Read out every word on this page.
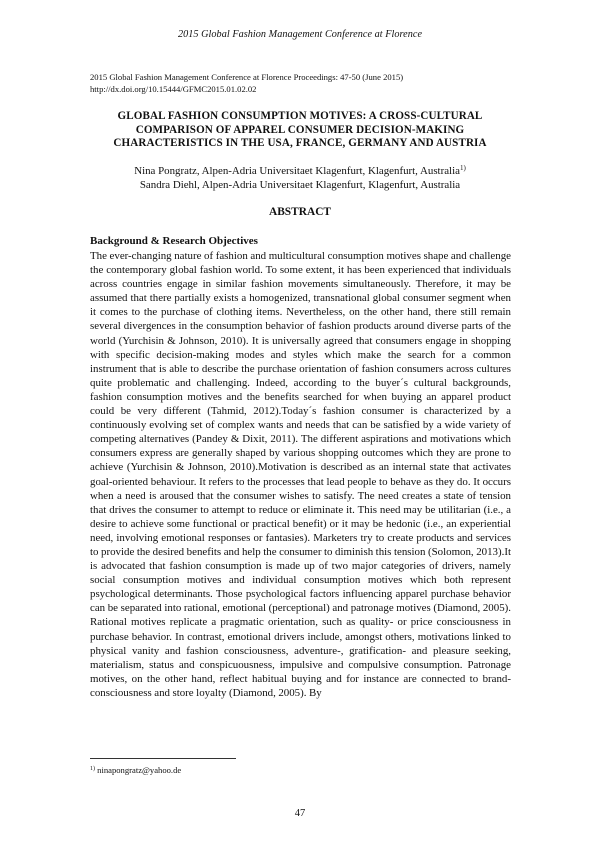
2015 Global Fashion Management Conference at Florence
2015 Global Fashion Management Conference at Florence Proceedings: 47-50 (June 2015)
http://dx.doi.org/10.15444/GFMC2015.01.02.02
GLOBAL FASHION CONSUMPTION MOTIVES: A CROSS-CULTURAL
COMPARISON OF APPAREL CONSUMER DECISION-MAKING
CHARACTERISTICS IN THE USA, FRANCE, GERMANY AND AUSTRIA
Nina Pongratz, Alpen-Adria Universitaet Klagenfurt, Klagenfurt, Australia$^{1)}$
Sandra Diehl, Alpen-Adria Universitaet Klagenfurt, Klagenfurt, Australia
ABSTRACT
Background & Research Objectives
The ever-changing nature of fashion and multicultural consumption motives shape and challenge the contemporary global fashion world. To some extent, it has been experienced that individuals across countries engage in similar fashion movements simultaneously. Therefore, it may be assumed that there partially exists a homogenized, transnational global consumer segment when it comes to the purchase of clothing items. Nevertheless, on the other hand, there still remain several divergences in the consumption behavior of fashion products around diverse parts of the world (Yurchisin & Johnson, 2010). It is universally agreed that consumers engage in shopping with specific decision-making modes and styles which make the search for a common instrument that is able to describe the purchase orientation of fashion consumers across cultures quite problematic and challenging. Indeed, according to the buyer´s cultural backgrounds, fashion consumption motives and the benefits searched for when buying an apparel product could be very different (Tahmid, 2012).Today´s fashion consumer is characterized by a continuously evolving set of complex wants and needs that can be satisfied by a wide variety of competing alternatives (Pandey & Dixit, 2011). The different aspirations and motivations which consumers express are generally shaped by various shopping outcomes which they are prone to achieve (Yurchisin & Johnson, 2010).Motivation is described as an internal state that activates goal-oriented behaviour. It refers to the processes that lead people to behave as they do. It occurs when a need is aroused that the consumer wishes to satisfy. The need creates a state of tension that drives the consumer to attempt to reduce or eliminate it. This need may be utilitarian (i.e., a desire to achieve some functional or practical benefit) or it may be hedonic (i.e., an experiential need, involving emotional responses or fantasies). Marketers try to create products and services to provide the desired benefits and help the consumer to diminish this tension (Solomon, 2013).It is advocated that fashion consumption is made up of two major categories of drivers, namely social consumption motives and individual consumption motives which both represent psychological determinants. Those psychological factors influencing apparel purchase behavior can be separated into rational, emotional (perceptional) and patronage motives (Diamond, 2005). Rational motives replicate a pragmatic orientation, such as quality- or price consciousness in purchase behavior. In contrast, emotional drivers include, amongst others, motivations linked to physical vanity and fashion consciousness, adventure-, gratification- and pleasure seeking, materialism, status and conspicuousness, impulsive and compulsive consumption. Patronage motives, on the other hand, reflect habitual buying and for instance are connected to brand-consciousness and store loyalty (Diamond, 2005). By
$^{1)}$ ninapongratz@yahoo.de
47
